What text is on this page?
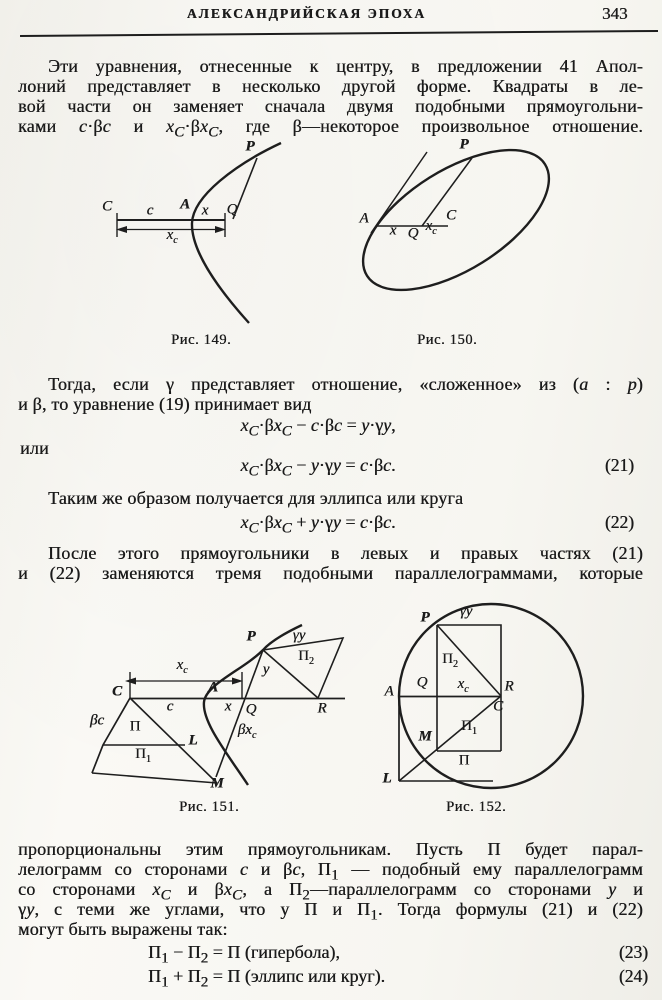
АЛЕКСАНДРИЙСКАЯ ЭПОХА	343
Эти уравнения, отнесенные к центру, в предложении 41 Апол-
лоний представляет в несколько другой форме. Квадраты в ле-
вой части он заменяет сначала двумя подобными прямоугольни-
ками c·βc и $x_C\cdot\beta x_C$, где β—некоторое произвольное отношение.
C c A x Q
$x_c$
P
Рис. 149.
A
x Q $x_c$
C
P
Рис. 150.
Тогда, если γ представляет отношение, «сложенное» из (a : p)
и β, то уравнение (19) принимает вид
$x_C\cdot\beta x_C - c\cdot\beta c = y\cdot\gamma y$,
или
$x_C\cdot\beta x_C - y\cdot\gamma y = c\cdot\beta c$.	(21)
Таким же образом получается для эллипса или круга
$x_C\cdot\beta x_C + y\cdot\gamma y = c\cdot\beta c$.	(22)
После этого прямоугольники в левых и правых частях (21)
и (22) заменяются тремя подобными параллелограммами, которые
P γy
$П_2$
$x_c$	y
A
C
c	x Q	R
βc П
L
$\beta x_c$
$П_1$
M
Рис. 151.
P γy
$П_2$
Q $x_c$ R
A
C
M
$П_1$
П
L
Рис. 152.
пропорциональны этим прямоугольникам. Пусть П будет парал-
лелограмм со сторонами c и βc, $П_1$ — подобный ему параллелограмм
со сторонами $x_C$ и $\beta x_C$, а $П_2—параллелограмм$ со сторонами y и
γy, с теми же углами, что у П и $П_1$. Тогда формулы (21) и (22)
могут быть выражены так:
$П_1 - П_2 = П$ (гипербола),	(23)
$П_1 + П_2 = П$ (эллипс или круг).	(24)
